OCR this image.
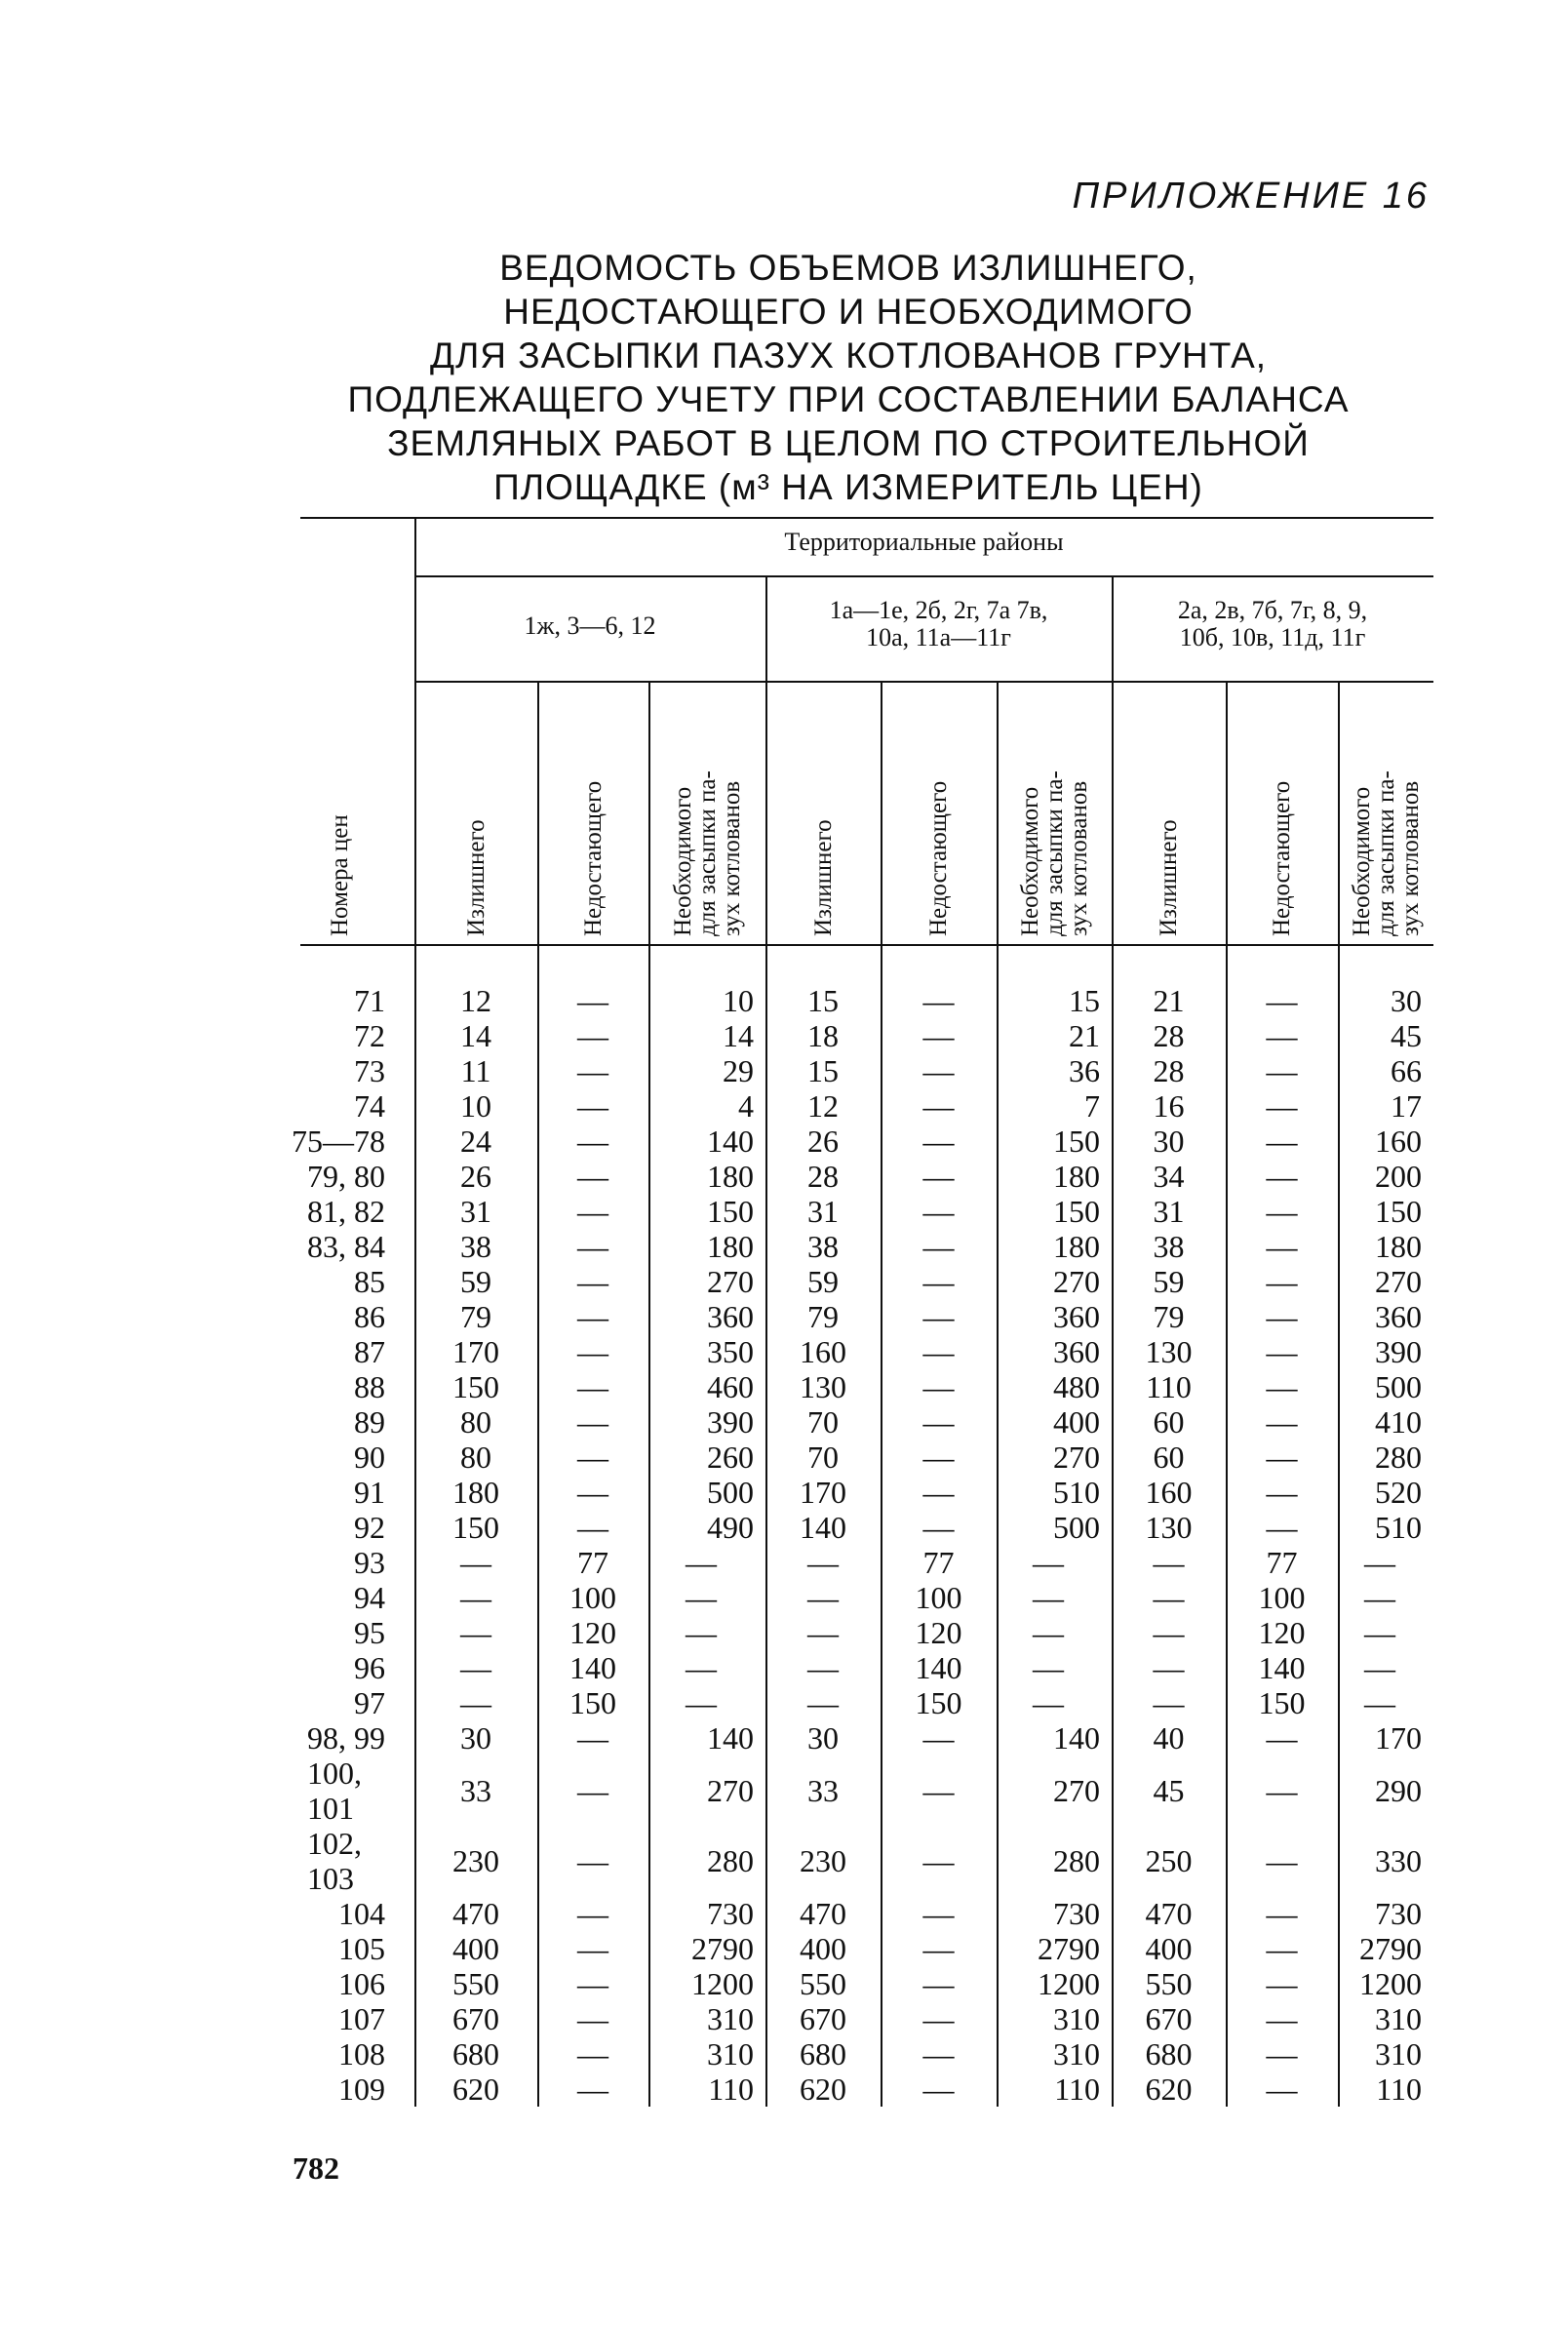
ПРИЛОЖЕНИЕ 16
ВЕДОМОСТЬ ОБЪЕМОВ ИЗЛИШНЕГО,
НЕДОСТАЮЩЕГО И НЕОБХОДИМОГО
ДЛЯ ЗАСЫПКИ ПАЗУХ КОТЛОВАНОВ ГРУНТА,
ПОДЛЕЖАЩЕГО УЧЕТУ ПРИ СОСТАВЛЕНИИ БАЛАНСА
ЗЕМЛЯНЫХ РАБОТ В ЦЕЛОМ ПО СТРОИТЕЛЬНОЙ
ПЛОЩАДКЕ (м³ НА ИЗМЕРИТЕЛЬ ЦЕН)
Территориальные районы
1ж, 3—6, 12
Излишнего	Недостающего	Необходимого
для засыпки па-
зух котлованов
1а—1е, 2б, 2г, 7а 7в,
10а, 11а—11г
Излишнего	Недостающего	Необходимого
для засыпки па-
зух котлованов
2а, 2в, 7б, 7г, 8, 9,
10б, 10в, 11д, 11г
Излишнего	Недостающего Необходимого
для засыпки па-
зух котлованов
Номера цен
71	12	—	10	15	—	15	21	—	30
72	14	—	14	18	—	21	28	—	45
73	11	—	29	15	—	36	28	—	66
74	10	—	4	12	—	7	16	—	17
75—78	24	—	140	26	—	150	30	—	160
79, 80	26	—	180	28	—	180	34	—	200
81, 82	31	—	150	31	—	150	31	—	150
83, 84	38	—	180	38	—	180	38	—	180
85	59	—	270	59	—	270	59	—	270
86	79	—	360	79	—	360	79	—	360
87	170	—	350	160	—	360	130	—	390
88	150	—	460	130	—	480	110	—	500
89	80	—	390	70	—	400	60	—	410
90	80	—	260	70	—	270	60	—	280
91	180	—	500	170	—	510	160	—	520
92	150	—	490	140	—	500	130	—	510
93	—	77	—	—	77	—	—	77	—
94	—	100	—	—	100	—	—	100	—
95	—	120	—	—	120	—	—	120	—
96	—	140	—	—	140	—	—	140	—
97	—	150	—	—	150	—	—	150	—
98, 99	30	—	140	30	—	140	40	—	170
100, 101	33	—	270	33	—	270	45	—	290
102, 103	230	—	280	230	—	280	250	—	330
104	470	—	730	470	—	730	470	—	730
105	400	—	2790	400	—	2790	400	—	2790
106	550	—	1200	550	—	1200	550	—	1200
107	670	—	310	670	—	310	670	—	310
108	680	—	310	680	—	310	680	—	310
109	620	—	110	620	—	110	620	—	110
782
